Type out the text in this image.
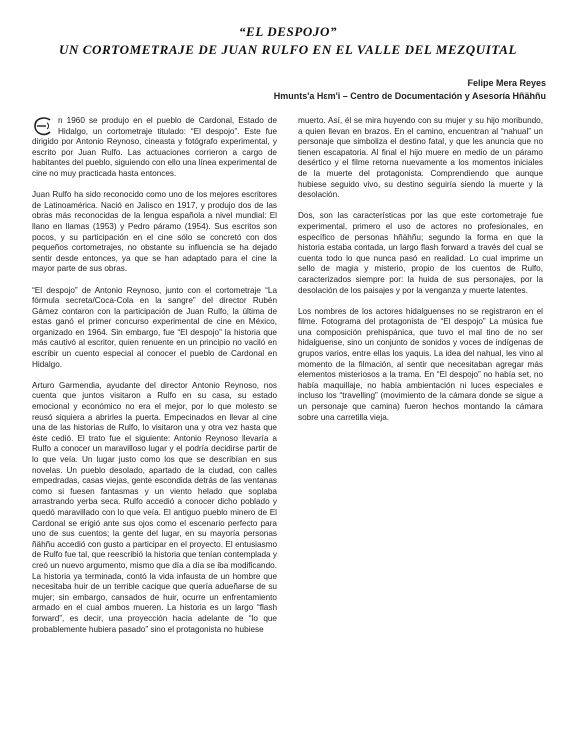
“EL DESPOJO”
UN CORTOMETRAJE DE JUAN RULFO EN EL VALLE DEL MEZQUITAL
Felipe Mera Reyes
Hmunts'a Hεm'i – Centro de Documentación y Asesoría Hñähñu

n 1960 se produjo en el pueblo de Cardonal, Estado de Hidalgo, un cortometraje titulado: “El despojo”. Este fue dirigido por Antonio Reynoso, cineasta y fotógrafo experimental, y escrito por Juan Rulfo. Las actuaciones corrieron a cargo de habitantes del pueblo, siguiendo con ello una línea experimental de cine no muy practicada hasta entonces.

Juan Rulfo ha sido reconocido como uno de los mejores escritores de Latinoamérica. Nació en Jalisco en 1917, y produjo dos de las obras más reconocidas de la lengua española a nivel mundial: El llano en llamas (1953) y Pedro páramo (1954). Sus escritos son pocos, y su participación en el cine sólo se concretó con dos pequeños cortometrajes, no obstante su influencia se ha dejado sentir desde entonces, ya que se han adaptado para el cine la mayor parte de sus obras.

“El despojo” de Antonio Reynoso, junto con el cortometraje “La fórmula secreta/Coca-Cola en la sangre” del director Rubén Gámez contaron con la participación de Juan Rulfo, la última de estas ganó el primer concurso experimental de cine en México, organizado en 1964. Sin embargo, fue “El despojo” la historia que más cautivó al escritor, quien renuente en un principio no vaciló en escribir un cuento especial al conocer el pueblo de Cardonal en Hidalgo.

Arturo Garmendia, ayudante del director Antonio Reynoso, nos cuenta que juntos visitaron a Rulfo en su casa, su estado emocional y económico no era el mejor, por lo que molesto se reusó siquiera a abrirles la puerta. Empecinados en llevar al cine una de las historias de Rulfo, lo visitaron una y otra vez hasta que éste cedió. El trato fue el siguiente: Antonio Reynoso llevaría a Rulfo a conocer un maravilloso lugar y el podría decidirse partir de lo que veía. Un lugar justo como los que se describían en sus novelas. Un pueblo desolado, apartado de la ciudad, con calles empedradas, casas viejas, gente escondida detrás de las ventanas como si fuesen fantasmas y un viento helado que soplaba arrastrando yerba seca. Rulfo accedió a conocer dicho poblado y quedó maravillado con lo que veía. El antiguo pueblo minero de El Cardonal se erigió ante sus ojos como el escenario perfecto para uno de sus cuentos; la gente del lugar, en su mayoría personas ñähñu accedió con gusto a participar en el proyecto. El entusiasmo de Rulfo fue tal, que reescribió la historia que tenían contemplada y creó un nuevo argumento, mismo que día a día se iba modificando. La historia ya terminada, contó la vida infausta de un hombre que necesitaba huir de un terrible cacique que quería adueñarse de su mujer; sin embargo, cansados de huir, ocurre un enfrentamiento armado en el cual ambos mueren. La historia es un largo “flash forward”, es decir, una proyección hacia adelante de “lo que probablemente hubiera pasado” sino el protagonista no hubiese

muerto. Así, él se mira huyendo con su mujer y su hijo moribundo, a quien llevan en brazos. En el camino, encuentran al “nahual” un personaje que simboliza el destino fatal, y que les anuncia que no tienen escapatoria. Al final el hijo muere en medio de un páramo desértico y el filme retorna nuevamente a los momentos iniciales de la muerte del protagonista. Comprendiendo que aunque hubiese seguido vivo, su destino seguiría siendo la muerte y la desolación.

Dos, son las características por las que este cortometraje fue experimental, primero el uso de actores no profesionales, en específico de personas hñähñu; segundo la forma en que la historia estaba contada, un largo flash forward a través del cual se cuenta todo lo que nunca pasó en realidad. Lo cual imprime un sello de magia y misterio, propio de los cuentos de Rulfo, caracterizados siempre por: la huida de sus personajes, por la desolación de los paisajes y por la venganza y muerte latentes.

Los nombres de los actores hidalguenses no se registraron en el filme. Fotograma del protagonista de “El despojo” La música fue una composición prehispánica, que tuvo el mal tino de no ser hidalguense, sino un conjunto de sonidos y voces de indígenas de grupos varios, entre ellas los yaquis. La idea del nahual, les vino al momento de la filmación, al sentir que necesitaban agregar más elementos misteriosos a la trama. En “El despojo” no había set, no había maquillaje, no había ambientación ni luces especiales e incluso los “travelling” (movimiento de la cámara donde se sigue a un personaje que camina) fueron hechos montando la cámara sobre una carretilla vieja.
